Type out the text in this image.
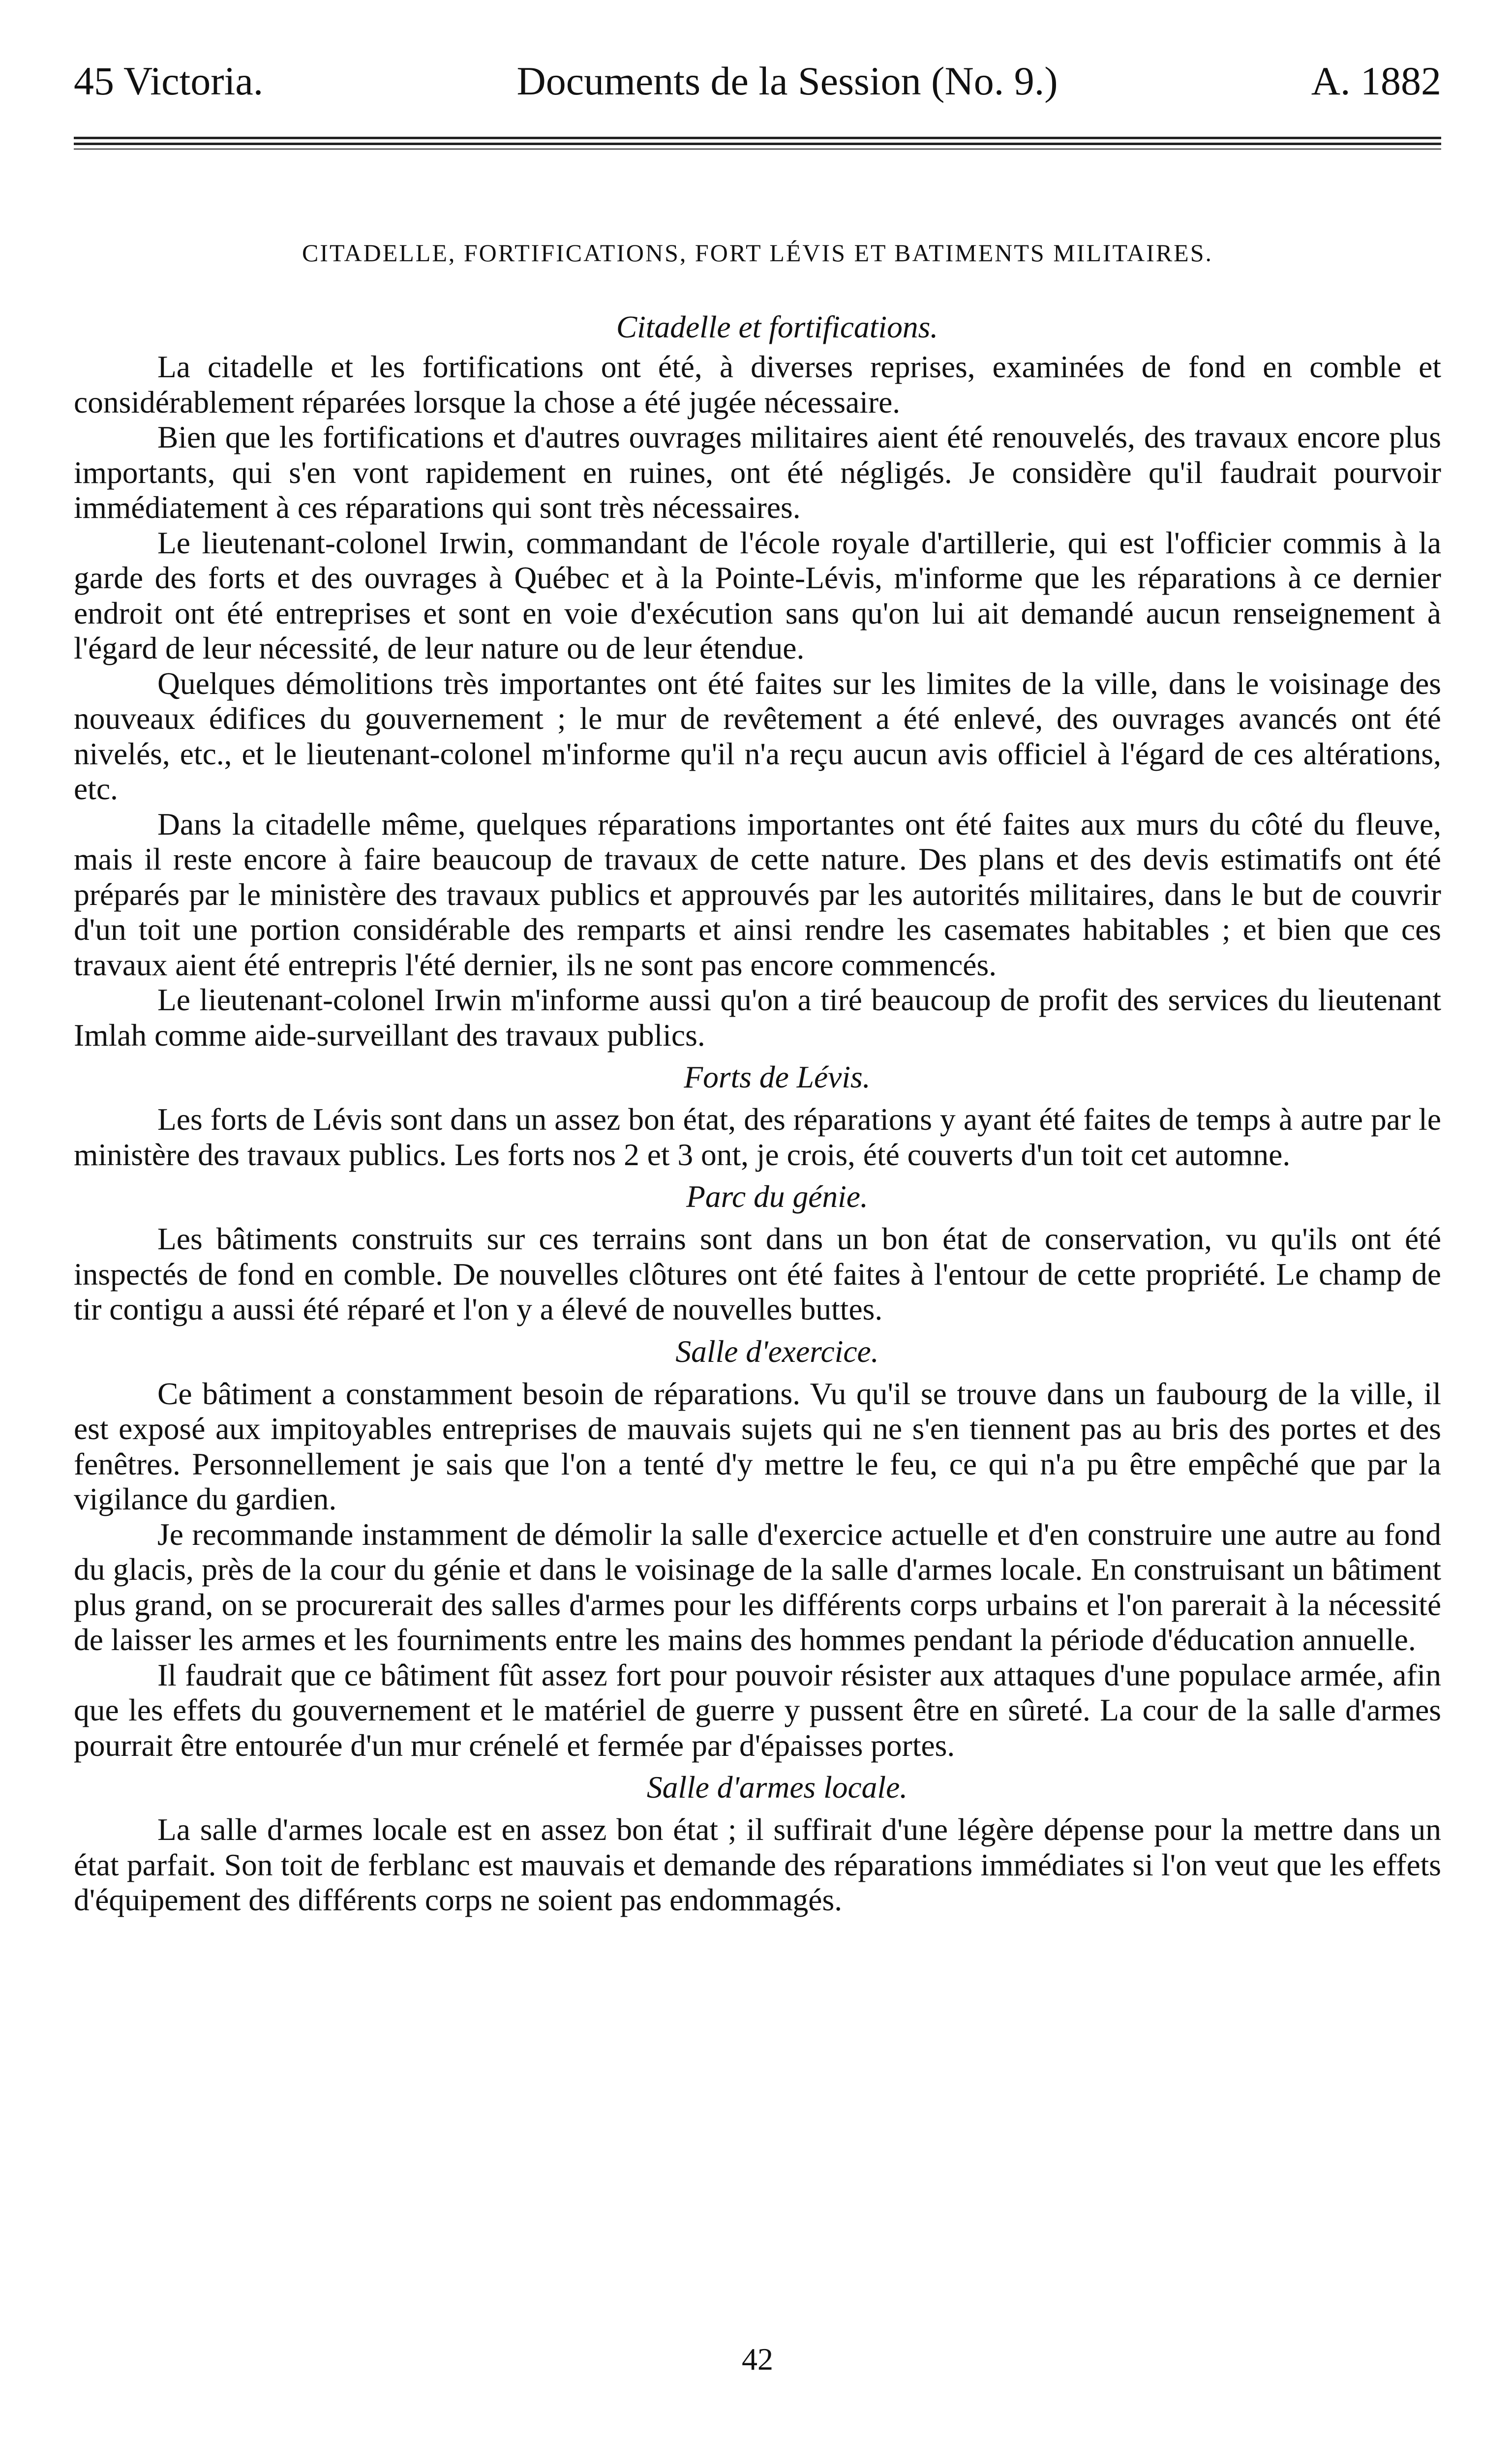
45 Victoria.	Documents de la Session (No. 9.)	A. 1882
CITADELLE, FORTIFICATIONS, FORT LÉVIS ET BATIMENTS MILITAIRES.
Citadelle et fortifications.

La citadelle et les fortifications ont été, à diverses reprises, examinées de fond en comble et considérablement réparées lorsque la chose a été jugée nécessaire.

Bien que les fortifications et d'autres ouvrages militaires aient été renouvelés, des travaux encore plus importants, qui s'en vont rapidement en ruines, ont été négligés. Je considère qu'il faudrait pourvoir immédiatement à ces réparations qui sont très nécessaires.

Le lieutenant-colonel Irwin, commandant de l'école royale d'artillerie, qui est l'officier commis à la garde des forts et des ouvrages à Québec et à la Pointe-Lévis, m'informe que les réparations à ce dernier endroit ont été entreprises et sont en voie d'exécution sans qu'on lui ait demandé aucun renseignement à l'égard de leur nécessité, de leur nature ou de leur étendue.

Quelques démolitions très importantes ont été faites sur les limites de la ville, dans le voisinage des nouveaux édifices du gouvernement ; le mur de revêtement a été enlevé, des ouvrages avancés ont été nivelés, etc., et le lieutenant-colonel m'informe qu'il n'a reçu aucun avis officiel à l'égard de ces altérations, etc.

Dans la citadelle même, quelques réparations importantes ont été faites aux murs du côté du fleuve, mais il reste encore à faire beaucoup de travaux de cette nature. Des plans et des devis estimatifs ont été préparés par le ministère des travaux publics et approuvés par les autorités militaires, dans le but de couvrir d'un toit une portion considérable des remparts et ainsi rendre les casemates habitables ; et bien que ces travaux aient été entrepris l'été dernier, ils ne sont pas encore commencés.

Le lieutenant-colonel Irwin m'informe aussi qu'on a tiré beaucoup de profit des services du lieutenant Imlah comme aide-surveillant des travaux publics.

Forts de Lévis.

Les forts de Lévis sont dans un assez bon état, des réparations y ayant été faites de temps à autre par le ministère des travaux publics. Les forts nos 2 et 3 ont, je crois, été couverts d'un toit cet automne.

Parc du génie.

Les bâtiments construits sur ces terrains sont dans un bon état de conservation, vu qu'ils ont été inspectés de fond en comble. De nouvelles clôtures ont été faites à l'entour de cette propriété. Le champ de tir contigu a aussi été réparé et l'on y a élevé de nouvelles buttes.

Salle d'exercice.

Ce bâtiment a constamment besoin de réparations. Vu qu'il se trouve dans un faubourg de la ville, il est exposé aux impitoyables entreprises de mauvais sujets qui ne s'en tiennent pas au bris des portes et des fenêtres. Personnellement je sais que l'on a tenté d'y mettre le feu, ce qui n'a pu être empêché que par la vigilance du gardien.

Je recommande instamment de démolir la salle d'exercice actuelle et d'en construire une autre au fond du glacis, près de la cour du génie et dans le voisinage de la salle d'armes locale. En construisant un bâtiment plus grand, on se procurerait des salles d'armes pour les différents corps urbains et l'on parerait à la nécessité de laisser les armes et les fourniments entre les mains des hommes pendant la période d'éducation annuelle.

Il faudrait que ce bâtiment fût assez fort pour pouvoir résister aux attaques d'une populace armée, afin que les effets du gouvernement et le matériel de guerre y pussent être en sûreté. La cour de la salle d'armes pourrait être entourée d'un mur crénelé et fermée par d'épaisses portes.

Salle d'armes locale.

La salle d'armes locale est en assez bon état ; il suffirait d'une légère dépense pour la mettre dans un état parfait. Son toit de ferblanc est mauvais et demande des réparations immédiates si l'on veut que les effets d'équipement des différents corps ne soient pas endommagés.

42
